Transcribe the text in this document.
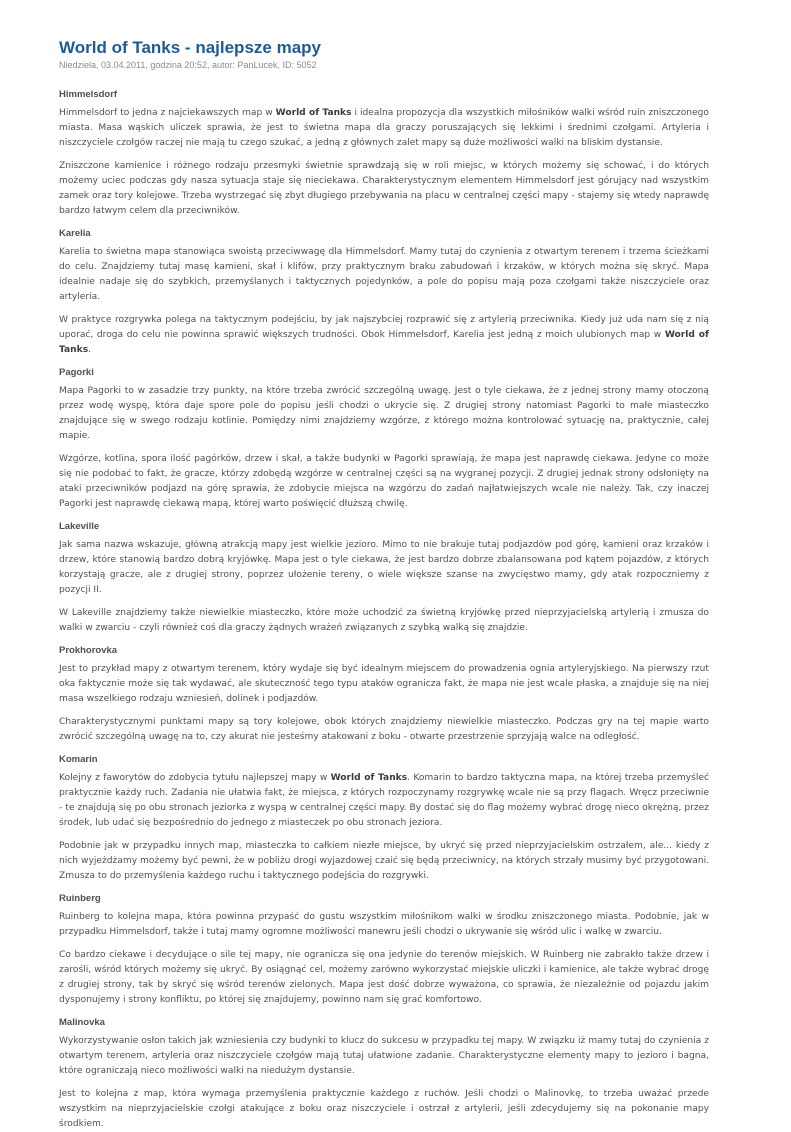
World of Tanks - najlepsze mapy
Niedziela, 03.04.2011, godzina 20:52, autor: PanLucek, ID: 5052
Himmelsdorf

Himmelsdorf to jedna z najciekawszych map w World of Tanks i idealna propozycja dla wszystkich miłośników walki wśród ruin zniszczonego miasta. Masa wąskich uliczek sprawia, że jest to świetna mapa dla graczy poruszających się lekkimi i średnimi czołgami. Artyleria i niszczyciele czołgów raczej nie mają tu czego szukać, a jedną z głównych zalet mapy są duże możliwości walki na bliskim dystansie.

Zniszczone kamienice i różnego rodzaju przesmyki świetnie sprawdzają się w roli miejsc, w których możemy się schować, i do których możemy uciec podczas gdy nasza sytuacja staje się nieciekawa. Charakterystycznym elementem Himmelsdorf jest górujący nad wszystkim zamek oraz tory kolejowe. Trzeba wystrzegać się zbyt długiego przebywania na placu w centralnej części mapy - stajemy się wtedy naprawdę bardzo łatwym celem dla przeciwników.

Karelia

Karelia to świetna mapa stanowiąca swoistą przeciwwagę dla Himmelsdorf. Mamy tutaj do czynienia z otwartym terenem i trzema ścieżkami do celu. Znajdziemy tutaj masę kamieni, skał i klifów, przy praktycznym braku zabudowań i krzaków, w których można się skryć. Mapa idealnie nadaje się do szybkich, przemyślanych i taktycznych pojedynków, a pole do popisu mają poza czołgami także niszczyciele oraz artyleria.

W praktyce rozgrywka polega na taktycznym podejściu, by jak najszybciej rozprawić się z artylerią przeciwnika. Kiedy już uda nam się z nią uporać, droga do celu nie powinna sprawić większych trudności. Obok Himmelsdorf, Karelia jest jedną z moich ulubionych map w World of Tanks.

Pagorki

Mapa Pagorki to w zasadzie trzy punkty, na które trzeba zwrócić szczególną uwagę. Jest o tyle ciekawa, że z jednej strony mamy otoczoną przez wodę wyspę, która daje spore pole do popisu jeśli chodzi o ukrycie się. Z drugiej strony natomiast Pagorki to małe miasteczko znajdujące się w swego rodzaju kotlinie. Pomiędzy nimi znajdziemy wzgórze, z którego można kontrolować sytuację na, praktycznie, całej mapie.

Wzgórze, kotlina, spora ilość pagórków, drzew i skał, a także budynki w Pagorki sprawiają, że mapa jest naprawdę ciekawa. Jedyne co może się nie podobać to fakt, że gracze, którzy zdobędą wzgórze w centralnej części są na wygranej pozycji. Z drugiej jednak strony odsłonięty na ataki przeciwników podjazd na górę sprawia, że zdobycie miejsca na wzgórzu do zadań najłatwiejszych wcale nie należy. Tak, czy inaczej Pagorki jest naprawdę ciekawą mapą, której warto poświęcić dłuższą chwilę.

Lakeville

Jak sama nazwa wskazuje, główną atrakcją mapy jest wielkie jezioro. Mimo to nie brakuje tutaj podjazdów pod górę, kamieni oraz krzaków i drzew, które stanowią bardzo dobrą kryjówkę. Mapa jest o tyle ciekawa, że jest bardzo dobrze zbalansowana pod kątem pojazdów, z których korzystają gracze, ale z drugiej strony, poprzez ułożenie tereny, o wiele większe szanse na zwycięstwo mamy, gdy atak rozpoczniemy z pozycji II.

W Lakeville znajdziemy także niewielkie miasteczko, które może uchodzić za świetną kryjówkę przed nieprzyjacielską artylerią i zmusza do walki w zwarciu - czyli również coś dla graczy żądnych wrażeń związanych z szybką walką się znajdzie.

Prokhorovka

Jest to przykład mapy z otwartym terenem, który wydaje się być idealnym miejscem do prowadzenia ognia artyleryjskiego. Na pierwszy rzut oka faktycznie może się tak wydawać, ale skuteczność tego typu ataków ogranicza fakt, że mapa nie jest wcale płaska, a znajduje się na niej masa wszelkiego rodzaju wzniesień, dolinek i podjazdów.

Charakterystycznymi punktami mapy są tory kolejowe, obok których znajdziemy niewielkie miasteczko. Podczas gry na tej mapie warto zwrócić szczególną uwagę na to, czy akurat nie jesteśmy atakowani z boku - otwarte przestrzenie sprzyjają walce na odległość.

Komarin

Kolejny z faworytów do zdobycia tytułu najlepszej mapy w World of Tanks. Komarin to bardzo taktyczna mapa, na której trzeba przemyśleć praktycznie każdy ruch. Zadania nie ułatwia fakt, że miejsca, z których rozpoczynamy rozgrywkę wcale nie są przy flagach. Wręcz przeciwnie - te znajdują się po obu stronach jeziorka z wyspą w centralnej części mapy. By dostać się do flag możemy wybrać drogę nieco okrężną, przez środek, lub udać się bezpośrednio do jednego z miasteczek po obu stronach jeziora.

Podobnie jak w przypadku innych map, miasteczka to całkiem niezłe miejsce, by ukryć się przed nieprzyjacielskim ostrzałem, ale... kiedy z nich wyjeżdżamy możemy być pewni, że w pobliżu drogi wyjazdowej czaić się będą przeciwnicy, na których strzały musimy być przygotowani. Zmusza to do przemyślenia każdego ruchu i taktycznego podejścia do rozgrywki.

Ruinberg

Ruinberg to kolejna mapa, która powinna przypaść do gustu wszystkim miłośnikom walki w środku zniszczonego miasta. Podobnie, jak w przypadku Himmelsdorf, także i tutaj mamy ogromne możliwości manewru jeśli chodzi o ukrywanie się wśród ulic i walkę w zwarciu.

Co bardzo ciekawe i decydujące o sile tej mapy, nie ogranicza się ona jedynie do terenów miejskich. W Ruinberg nie zabrakło także drzew i zarośli, wśród których możemy się ukryć. By osiągnąć cel, możemy zarówno wykorzystać miejskie uliczki i kamienice, ale także wybrać drogę z drugiej strony, tak by skryć się wśród terenów zielonych. Mapa jest dość dobrze wyważona, co sprawia, że niezależnie od pojazdu jakim dysponujemy i strony konfliktu, po której się znajdujemy, powinno nam się grać komfortowo.

Malinovka

Wykorzystywanie osłon takich jak wzniesienia czy budynki to klucz do sukcesu w przypadku tej mapy. W związku iż mamy tutaj do czynienia z otwartym terenem, artyleria oraz niszczyciele czołgów mają tutaj ułatwione zadanie. Charakterystyczne elementy mapy to jezioro i bagna, które ograniczają nieco możliwości walki na niedużym dystansie.

Jest to kolejna z map, która wymaga przemyślenia praktycznie każdego z ruchów. Jeśli chodzi o Malinovkę, to trzeba uważać przede wszystkim na nieprzyjacielskie czołgi atakujące z boku oraz niszczyciele i ostrzał z artylerii, jeśli zdecydujemy się na pokonanie mapy środkiem.
